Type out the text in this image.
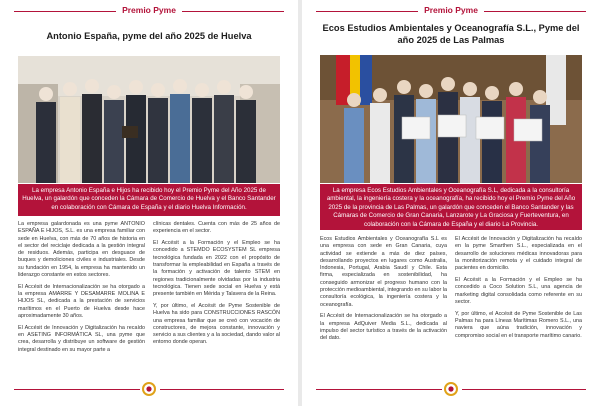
Premio Pyme
Antonio España, pyme del año 2025 de Huelva
La empresa Antonio España e Hijos ha recibido hoy el Premio Pyme del Año 2025 de Huelva, un galardón que conceden la Cámara de Comercio de Huelva y el Banco Santander en colaboración con Cámara de España y el diario Huelva Información.

La empresa galardonada es una pyme ANTONIO ESPAÑA E HIJOS, S.L. es una empresa familiar con sede en Huelva, con más de 70 años de historia en el sector del reciclaje dedicada a la gestión integral de residuos. Además, participa en desguace de buques y demoliciones civiles e industriales. Desde su fundación en 1954, la empresa ha mantenido un liderazgo constante en estos sectores.

El Accésit de Internacionalización se ha otorgado a la empresa AMARRE Y DESAMARRE MOLINA E HIJOS SL, dedicada a la prestación de servicios marítimos en el Puerto de Huelva desde hace aproximadamente 30 años.

El Accésit de Innovación y Digitalización ha recaído en ASETING INFORMÁTICA SL, una pyme que crea, desarrolla y distribuye un software de gestión integral destinado en su mayor parte a

clínicas dentales. Cuenta con más de 25 años de experiencia en el sector.

El Accésit a la Formación y el Empleo se ha concedido a STEMDO ECOSYSTEM SL empresa tecnológica fundada en 2022 con el propósito de transformar la empleabilidad en España a través de la formación y activación de talento STEM en regiones tradicionalmente olvidadas por la industria tecnológica. Tienen sede social en Huelva y está presente también en Mérida y Talavera de la Reina.

Y, por último, el Accésit de Pyme Sostenible de Huelva ha sido para CONSTRUCCIONES RASCÓN una empresa familiar que se creó con vocación de constructores, de mejora constante, innovación y servicio a sus clientes y a la sociedad, dando valor al entorno donde operan.

Premio Pyme
Ecos Estudios Ambientales y Oceanografía S.L., Pyme del año 2025 de Las Palmas
La empresa Ecos Estudios Ambientales y Oceanografía S.L, dedicada a la consultoría ambiental, la ingeniería costera y la oceanografía, ha recibido hoy el Premio Pyme del Año 2025 de la provincia de Las Palmas, un galardón que conceden el Banco Santander y las Cámaras de Comercio de Gran Canaria, Lanzarote y La Graciosa y Fuerteventura, en colaboración con la Cámara de España y el diario La Provincia.

Ecos Estudios Ambientales y Oceanografía S.L es una empresa con sede en Gran Canaria, cuya actividad se extiende a más de diez países, desarrollando proyectos en lugares como Australia, Indonesia, Portugal, Arabia Saudí y Chile. Esta firma, especializada en sostenibilidad, ha conseguido armonizar el progreso humano con la protección medioambiental, integrando en su labor la consultoría ecológica, la ingeniería costera y la oceanografía.

El Accésit de Internacionalización se ha otorgado a la empresa AdQuiver Media S.L., dedicada al impulso del sector turístico a través de la activación del dato.

El Accésit de Innovación y Digitalización ha recaído en la pyme Smarthen S.L., especializada en el desarrollo de soluciones médicas innovadoras para la monitorización remota y el cuidado integral de pacientes en domicilio.

El Accésit a la Formación y el Empleo se ha concedido a Coco Solution S.L, una agencia de marketing digital consolidada como referente en su sector.

Y, por último, el Accésit de Pyme Sostenible de Las Palmas ha para Líneas Marítimas Romero S.L., una naviera que aúna tradición, innovación y compromiso social en el transporte marítimo canario.
